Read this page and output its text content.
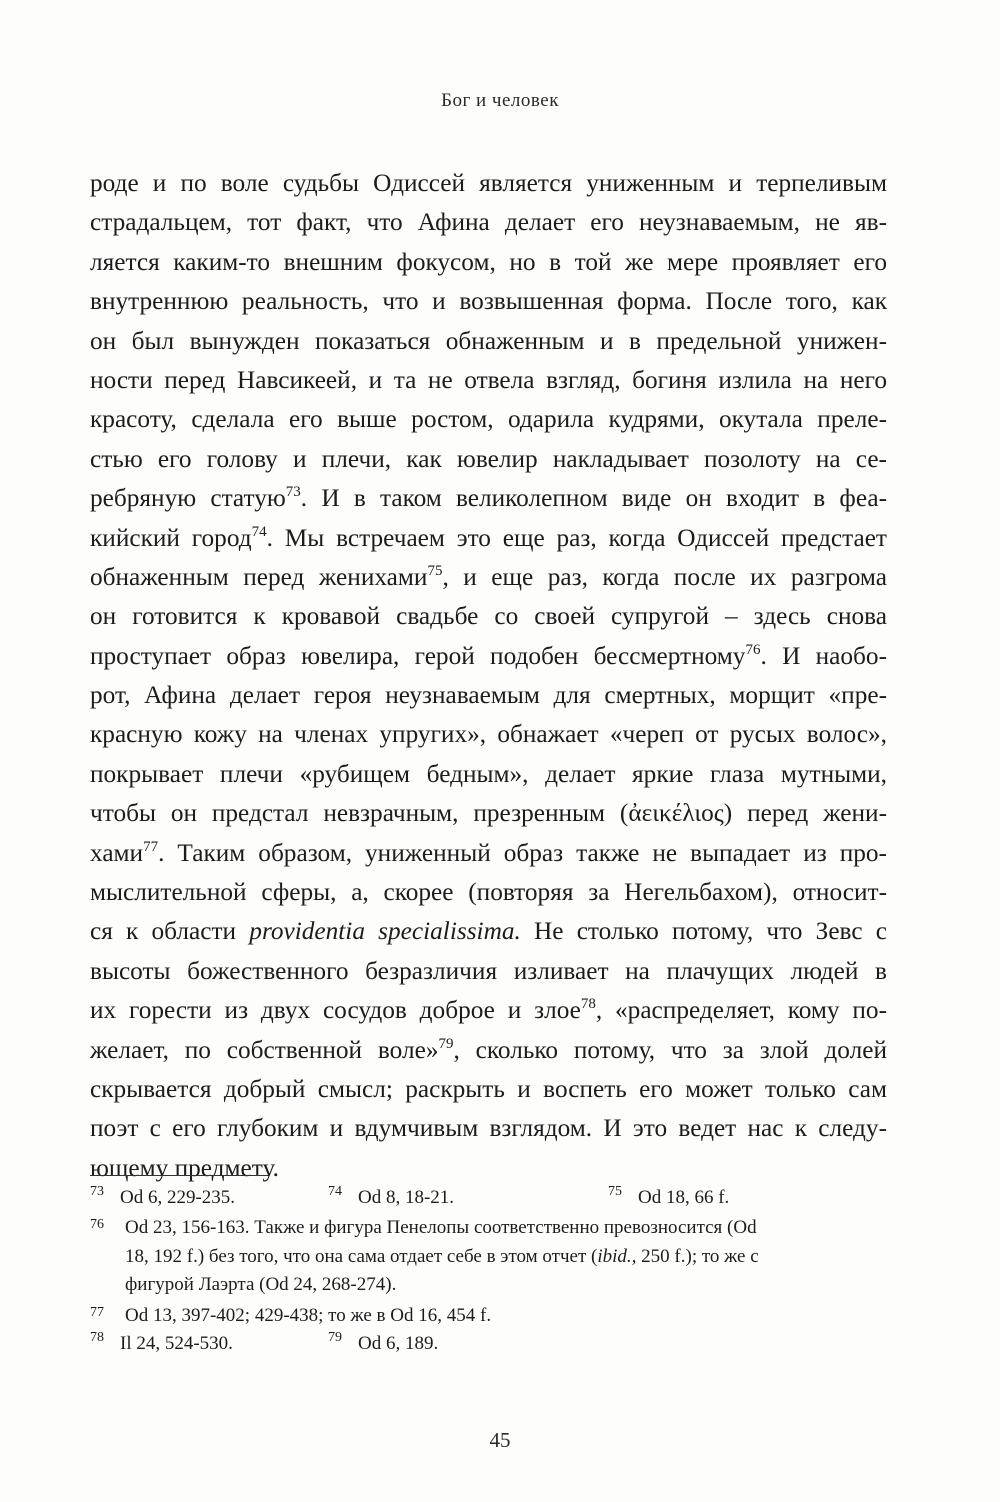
Бог и человек
роде и по воле судьбы Одиссей является униженным и терпеливым
страдальцем, тот факт, что Афина делает его неузнаваемым, не яв-
ляется каким-то внешним фокусом, но в той же мере проявляет его
внутреннюю реальность, что и возвышенная форма. После того, как
он был вынужден показаться обнаженным и в предельной унижен-
ности перед Навсикеей, и та не отвела взгляд, богиня излила на него
красоту, сделала его выше ростом, одарила кудрями, окутала преле-
стью его голову и плечи, как ювелир накладывает позолоту на се-
ребряную статую$^{73}$. И в таком великолепном виде он входит в феа-
кийский город$^{74}$. Мы встречаем это еще раз, когда Одиссей предстает
обнаженным перед женихами$^{75}$, и еще раз, когда после их разгрома
он готовится к кровавой свадьбе со своей супругой – здесь снова
проступает образ ювелира, герой подобен бессмертному$^{76}$. И наобо-
рот, Афина делает героя неузнаваемым для смертных, морщит «пре-
красную кожу на членах упругих», обнажает «череп от русых волос»,
покрывает плечи «рубищем бедным», делает яркие глаза мутными,
чтобы он предстал невзрачным, презренным (ἀεικέλιος) перед жени-
хами$^{77}$. Таким образом, униженный образ также не выпадает из про-
мыслительной сферы, а, скорее (повторяя за Негельбахом), относит-
ся к области providentia specialissima. Не столько потому, что Зевс с
высоты божественного безразличия изливает на плачущих людей в
их горести из двух сосудов доброе и злое$^{78}$, «распределяет, кому по-
желает, по собственной воле»$^{79}$, сколько потому, что за злой долей
скрывается добрый смысл; раскрыть и воспеть его может только сам
поэт с его глубоким и вдумчивым взглядом. И это ведет нас к следу-
ющему предмету.
$^{73}$ Od 6, 229-235.	$^{74}$ Od 8, 18-21.	$^{75}$ Od 18, 66 f.
76 Od 23, 156-163. Также и фигура Пенелопы соответственно превозносится (Od
18, 192 f.) без того, что она сама отдает себе в этом отчет (ibid., 250 f.); то же с
фигурой Лаэрта (Od 24, 268-274).
77 Od 13, 397-402; 429-438; то же в Od 16, 454 f.
$^{78}$ Il 24, 524-530.	$^{79}$ Od 6, 189.
45
